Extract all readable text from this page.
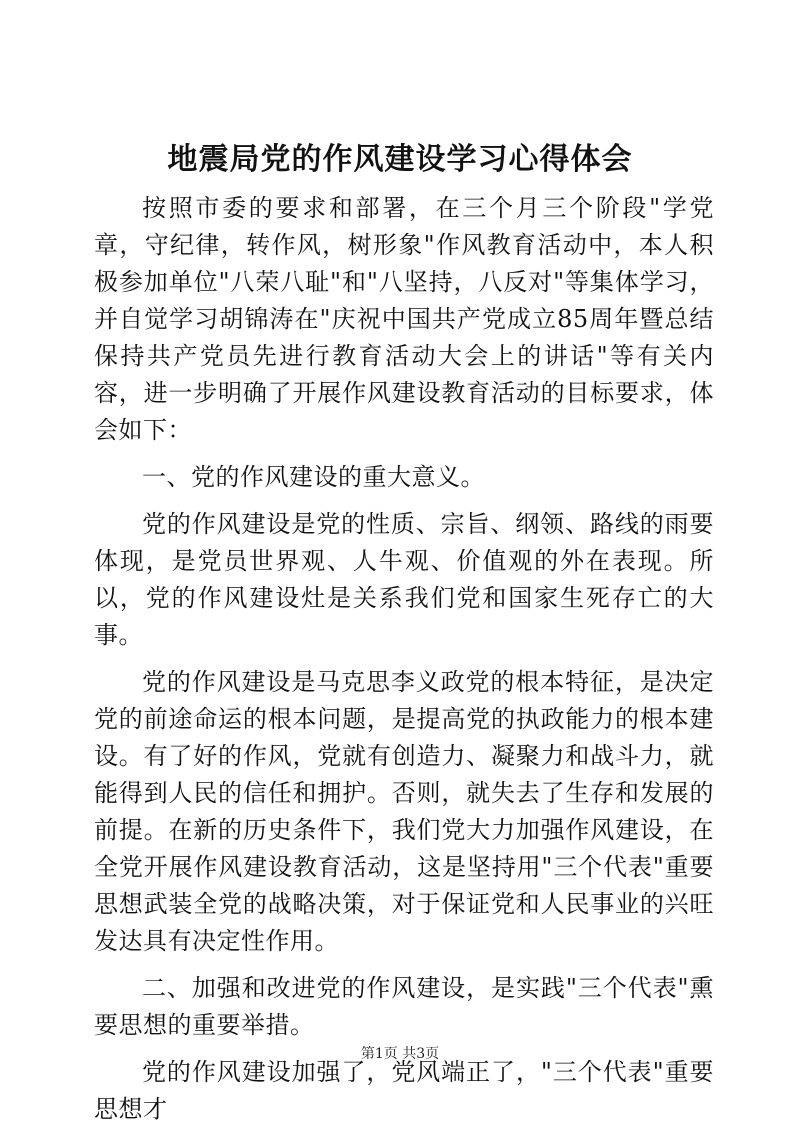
地震局党的作风建设学习心得体会

按照市委的要求和部署，在三个月三个阶段"学党章，守纪律，转作风，树形象"作风教育活动中，本人积极参加单位"八荣八耻"和"八坚持，八反对"等集体学习，并自觉学习胡锦涛在"庆祝中国共产党成立85周年暨总结保持共产党员先进行教育活动大会上的讲话"等有关内容，进一步明确了开展作风建设教育活动的目标要求，体会如下：

一、党的作风建设的重大意义。

党的作风建设是党的性质、宗旨、纲领、路线的雨要体现，是党员世界观、人牛观、价值观的外在表现。所以，党的作风建设灶是关系我们党和国家生死存亡的大事。

党的作风建设是马克思李义政党的根本特征，是决定党的前途命运的根本问题，是提高党的执政能力的根本建设。有了好的作风，党就有创造力、凝聚力和战斗力，就能得到人民的信任和拥护。否则，就失去了生存和发展的前提。在新的历史条件下，我们党大力加强作风建设，在全党开展作风建设教育活动，这是坚持用"三个代表"重要思想武装全党的战略决策，对于保证党和人民事业的兴旺发达具有决定性作用。

二、加强和改进党的作风建设，是实践"三个代表"熏要思想的重要举措。

党的作风建设加强了，党风端正了，"三个代表"重要思想才

第1页 共3页
